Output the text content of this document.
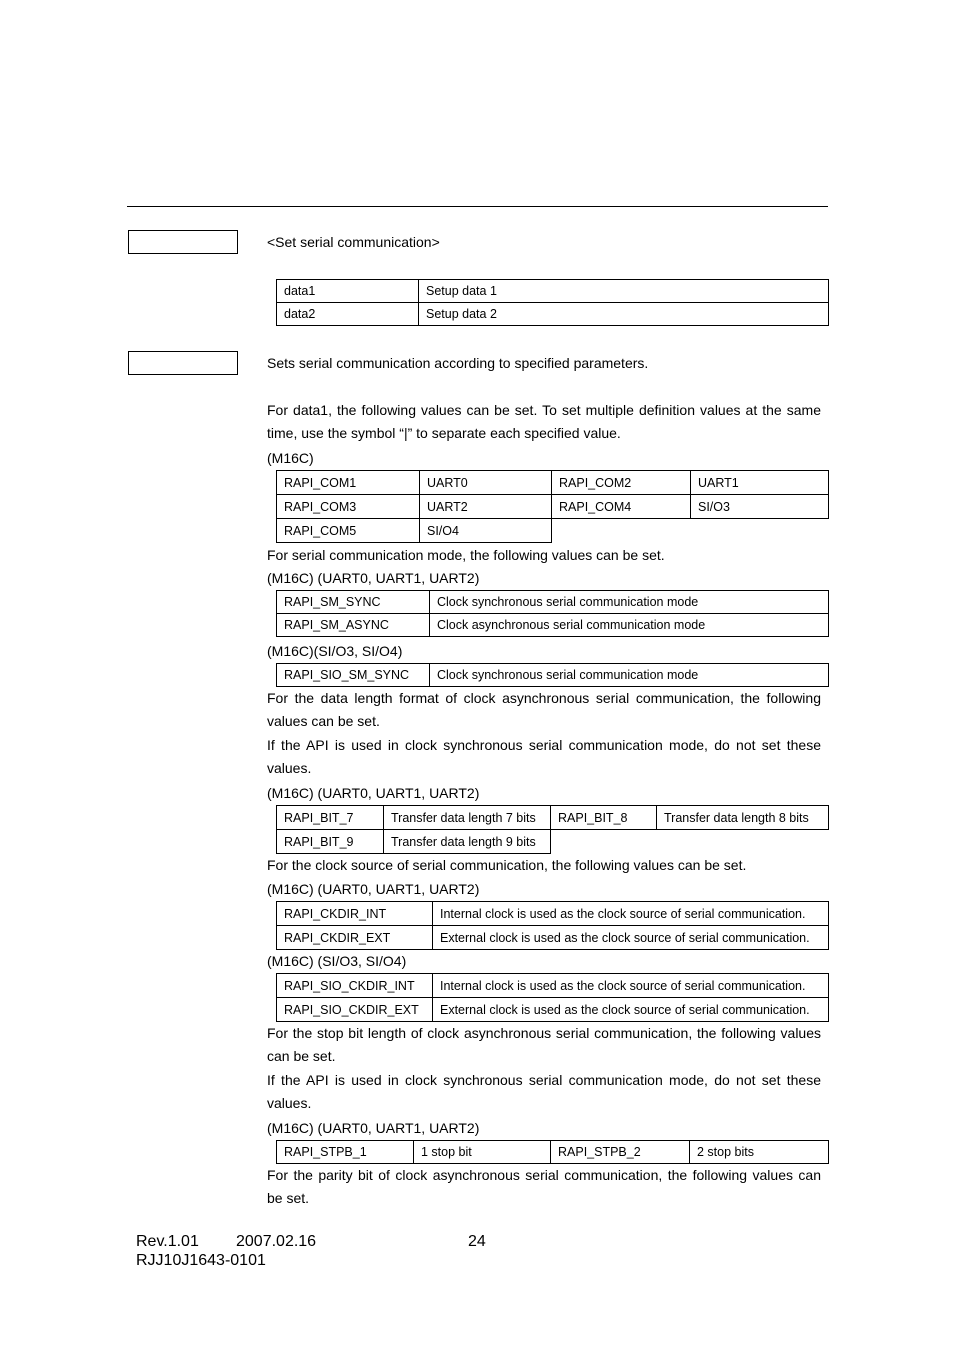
<Set serial communication>
data1	Setup data 1
data2	Setup data 2
Sets serial communication according to specified parameters.
For data1, the following values can be set. To set multiple definition values at the same time, use the symbol “|” to separate each specified value.
(M16C)
RAPI_COM1	UART0	RAPI_COM2	UART1
RAPI_COM3	UART2	RAPI_COM4	SI/O3
RAPI_COM5	SI/O4		
For serial communication mode, the following values can be set.
(M16C) (UART0, UART1, UART2)
RAPI_SM_SYNC	Clock synchronous serial communication mode
RAPI_SM_ASYNC	Clock asynchronous serial communication mode
(M16C)(SI/O3, SI/O4)
RAPI_SIO_SM_SYNC	Clock synchronous serial communication mode
For the data length format of clock asynchronous serial communication, the following values can be set.
If the API is used in clock synchronous serial communication mode, do not set these values.
(M16C) (UART0, UART1, UART2)
RAPI_BIT_7	Transfer data length 7 bits	RAPI_BIT_8	Transfer data length 8 bits
RAPI_BIT_9	Transfer data length 9 bits		
For the clock source of serial communication, the following values can be set.
(M16C) (UART0, UART1, UART2)
RAPI_CKDIR_INT	Internal clock is used as the clock source of serial communication.
RAPI_CKDIR_EXT	External clock is used as the clock source of serial communication.
(M16C) (SI/O3, SI/O4)
RAPI_SIO_CKDIR_INT	Internal clock is used as the clock source of serial communication.
RAPI_SIO_CKDIR_EXT	External clock is used as the clock source of serial communication.
For the stop bit length of clock asynchronous serial communication, the following values can be set.
If the API is used in clock synchronous serial communication mode, do not set these values.
(M16C) (UART0, UART1, UART2)
RAPI_STPB_1	1 stop bit	RAPI_STPB_2	2 stop bits
For the parity bit of clock asynchronous serial communication, the following values can be set.
Rev.1.01 2007.02.16	24
RJJ10J1643-0101
